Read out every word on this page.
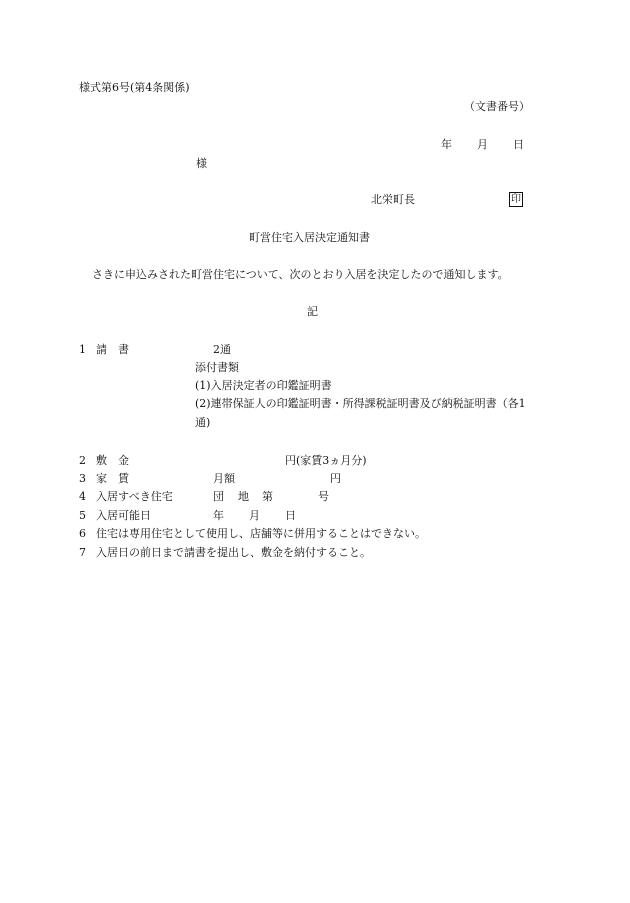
様式第6号(第4条関係)
（文書番号）
年 月 日
様
北栄町長	印
町営住宅入居決定通知書
さきに申込みされた町営住宅について、次のとおり入居を決定したので通知します。
記
1 請　書	2通
添付書類
(1)入居決定者の印鑑証明書
(2)連帯保証人の印鑑証明書・所得課税証明書及び納税証明書（各1
通)
2 敷　金	円(家賃3ヵ月分)
3 家　賃	月額	円
4 入居すべき住宅	団 地 第	号
5 入居可能日	年 月 日
6 住宅は専用住宅として使用し、店舗等に併用することはできない。
7 入居日の前日まで請書を提出し、敷金を納付すること。
